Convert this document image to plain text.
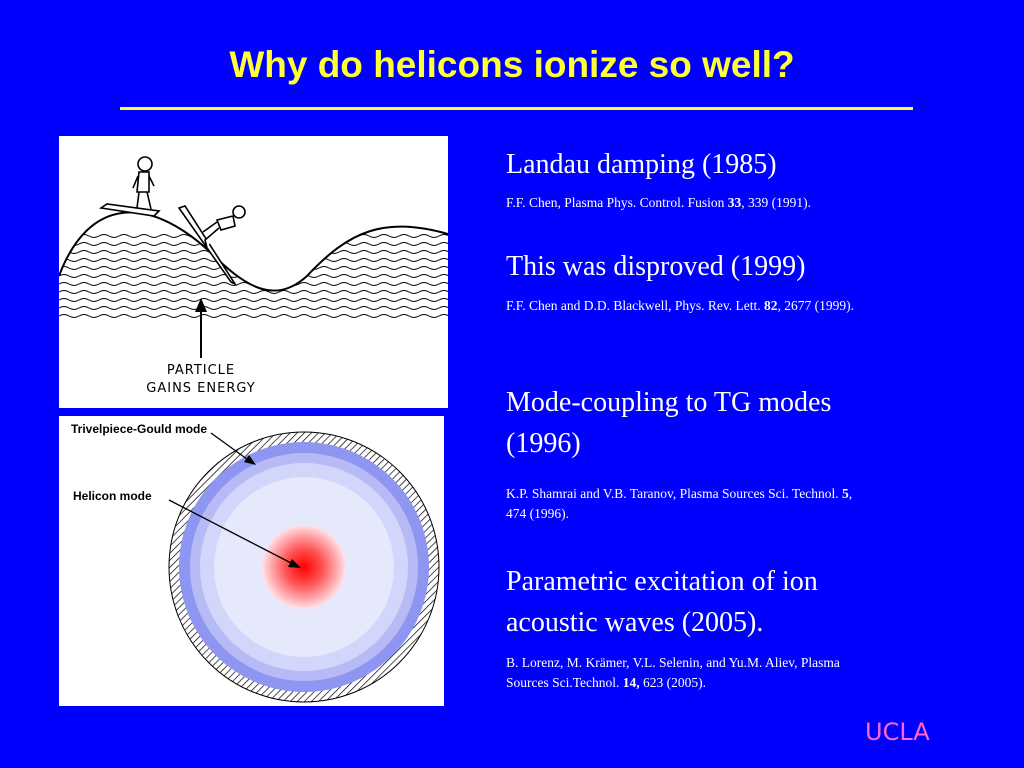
Why do helicons ionize so well?
PARTICLE
GAINS ENERGY
Trivelpiece-Gould mode
Helicon mode
Landau damping (1985)
F.F. Chen, Plasma Phys. Control. Fusion 33, 339 (1991).
This was disproved (1999)
F.F. Chen and D.D. Blackwell, Phys. Rev. Lett. 82, 2677 (1999).
Mode-coupling to TG modes
(1996)
K.P. Shamrai and V.B. Taranov, Plasma Sources Sci. Technol. 5,
474 (1996).
Parametric excitation of ion
acoustic waves (2005).
B. Lorenz, M. Krämer, V.L. Selenin, and Yu.M. Aliev, Plasma
Sources Sci.Technol. 14, 623 (2005).
UCLA
